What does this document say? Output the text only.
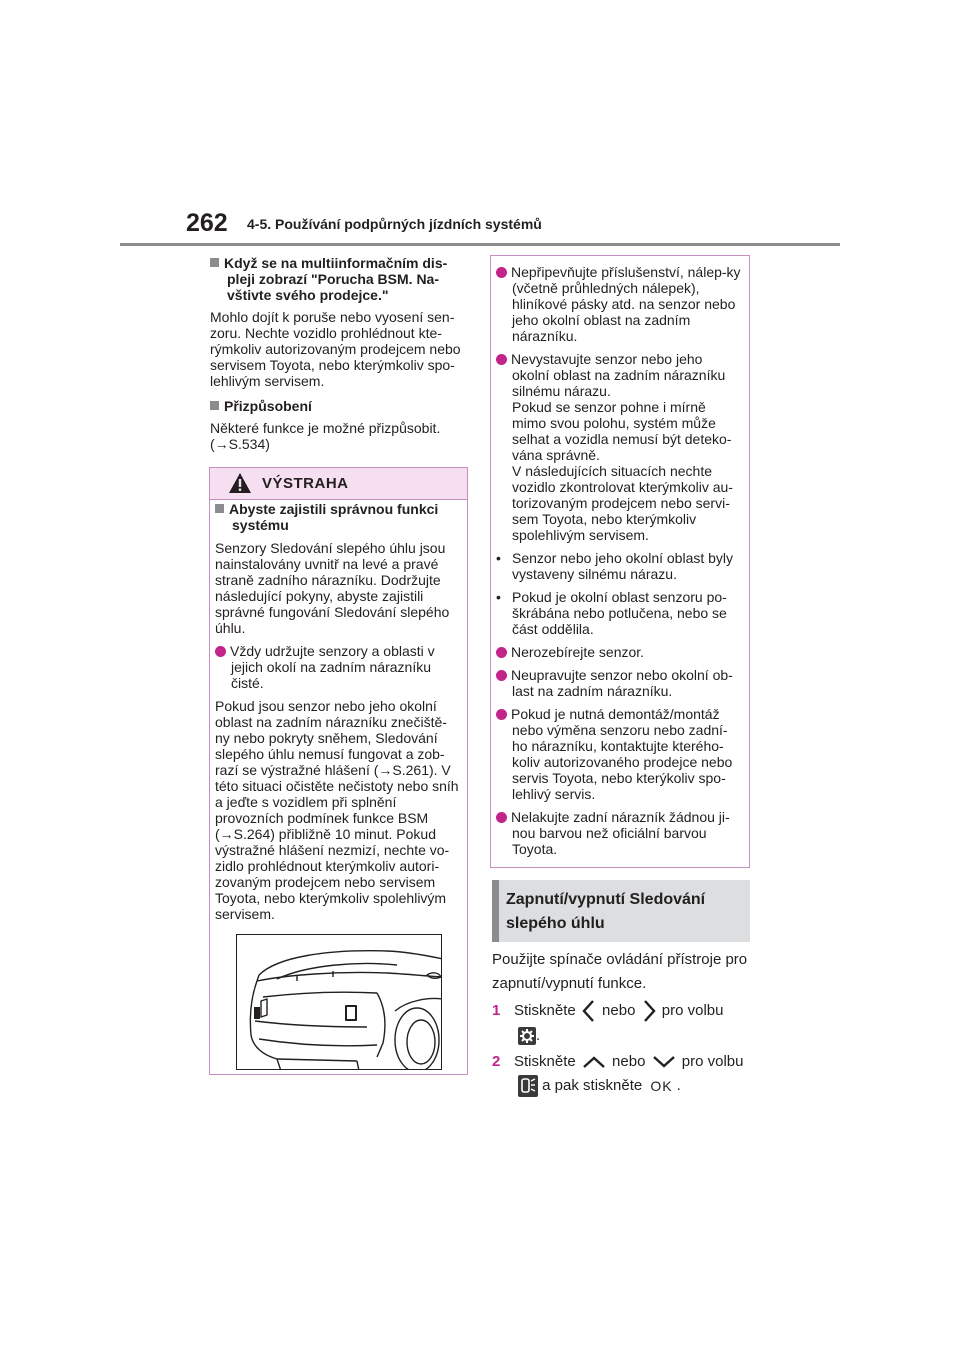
262 4-5. Používání podpůrných jízdních systémů

Když se na multiinformačním dis-pleji zobrazí "Porucha BSM. Na-vštivte svého prodejce."

Mohlo dojít k poruše nebo vyosení sen-zoru. Nechte vozidlo prohlédnout kte-rýmkoliv autorizovaným prodejcem nebo servisem Toyota, nebo kterýmkoliv spo-lehlivým servisem.

Přizpůsobení

Některé funkce je možné přizpůsobit. (→S.534)

VÝSTRAHA

Abyste zajistili správnou funkci systému

Senzory Sledování slepého úhlu jsou nainstalovány uvnitř na levé a pravé straně zadního nárazníku. Dodržujte následující pokyny, abyste zajistili správné fungování Sledování slepého úhlu.

Vždy udržujte senzory a oblasti v jejich okolí na zadním nárazníku čisté.

Pokud jsou senzor nebo jeho okolní oblast na zadním nárazníku znečiště-ny nebo pokryty sněhem, Sledování slepého úhlu nemusí fungovat a zob-razí se výstražné hlášení (→S.261). V této situaci očistěte nečistoty nebo sníh a jeďte s vozidlem při splnění provozních podmínek funkce BSM (→S.264) přibližně 10 minut. Pokud výstražné hlášení nezmizí, nechte vo-zidlo prohlédnout kterýmkoliv autori-zovaným prodejcem nebo servisem Toyota, nebo kterýmkoliv spolehlivým servisem.

Nepřipevňujte příslušenství, nálep-ky (včetně průhledných nálepek), hliníkové pásky atd. na senzor nebo jeho okolní oblast na zadním nárazníku.

Nevystavujte senzor nebo jeho okolní oblast na zadním nárazníku silnému nárazu.
Pokud se senzor pohne i mírně mimo svou polohu, systém může selhat a vozidla nemusí být deteko-vána správně.
V následujících situacích nechte vozidlo zkontrolovat kterýmkoliv au-torizovaným prodejcem nebo servi-sem Toyota, nebo kterýmkoliv spolehlivým servisem.

• Senzor nebo jeho okolní oblast byly vystaveny silnému nárazu.

• Pokud je okolní oblast senzoru po-škrábána nebo potlučena, nebo se část oddělila.

Nerozebírejte senzor.

Neupravujte senzor nebo okolní ob-last na zadním nárazníku.

Pokud je nutná demontáž/montáž nebo výměna senzoru nebo zadní-ho nárazníku, kontaktujte kterého-koliv autorizovaného prodejce nebo servis Toyota, nebo kterýkoliv spo-lehlivý servis.

Nelakujte zadní nárazník žádnou ji-nou barvou než oficiální barvou Toyota.

Zapnutí/vypnutí Sledování slepého úhlu

Použijte spínače ovládání přístroje pro zapnutí/vypnutí funkce.

1 Stiskněte nebo pro volbu

.

2 Stiskněte nebo pro volbu

a pak stiskněte OK .
